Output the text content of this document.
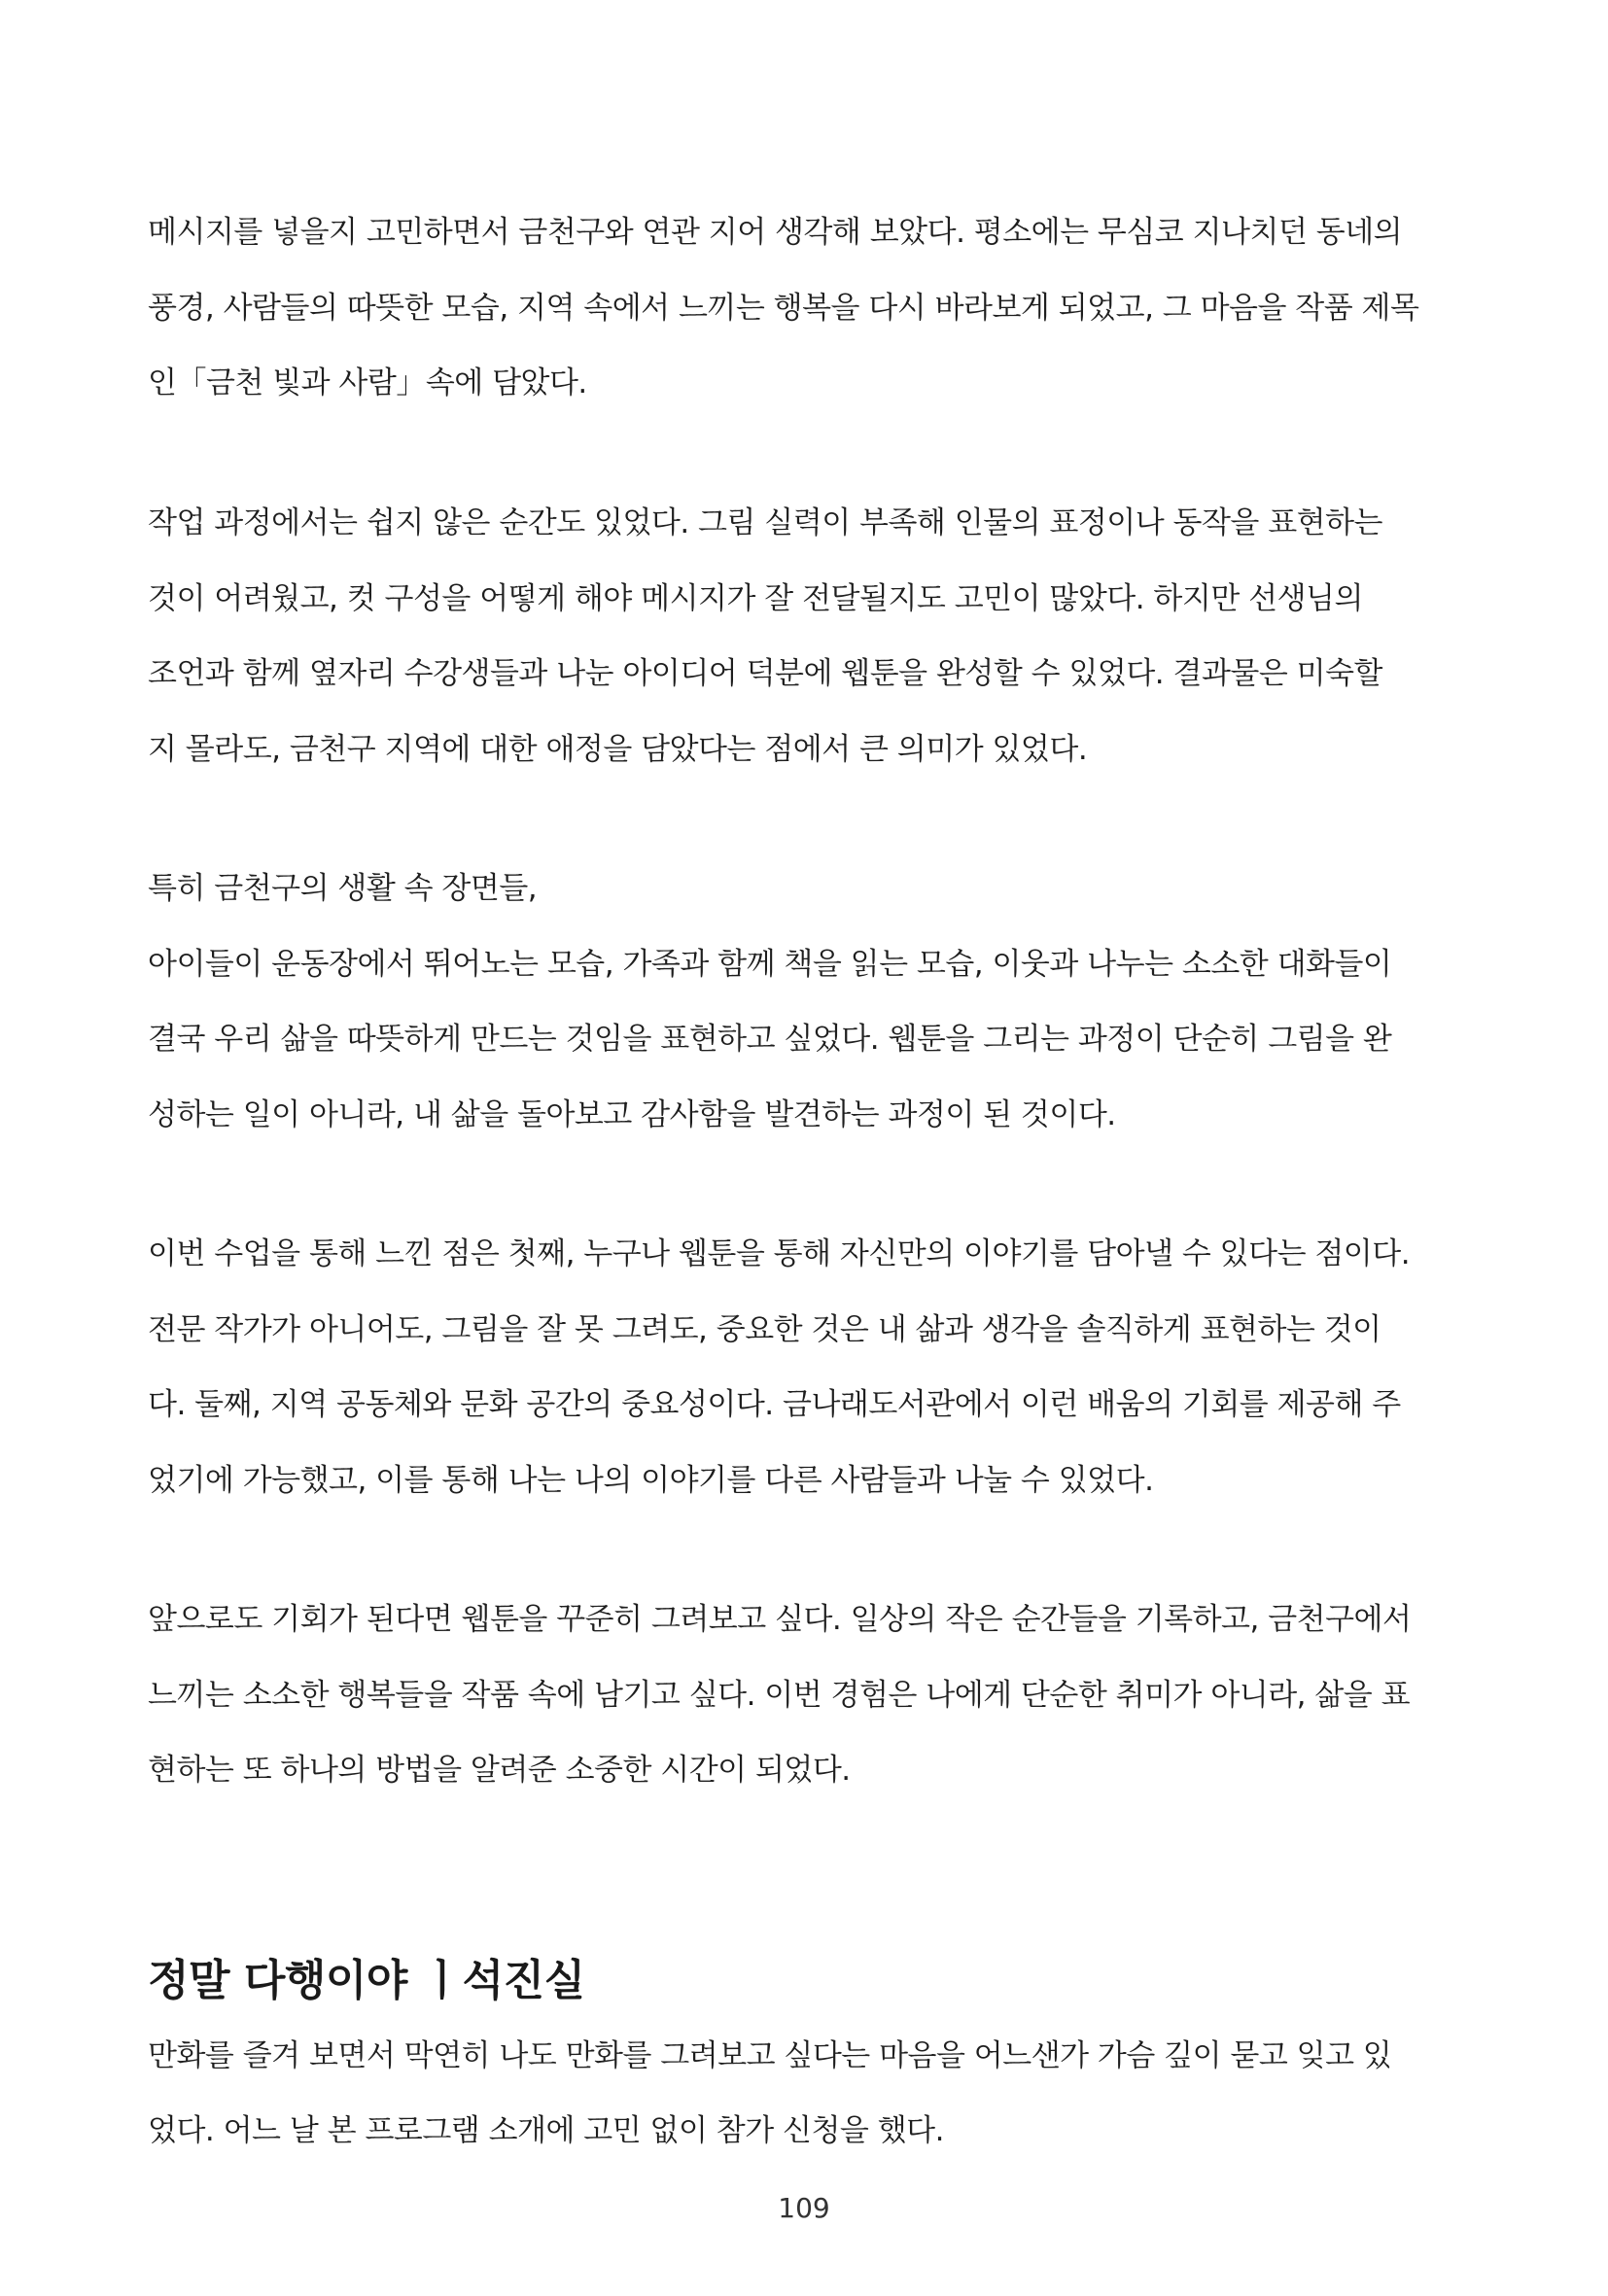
메시지를 넣을지 고민하면서 금천구와 연관 지어 생각해 보았다. 평소에는 무심코 지나치던 동네의
풍경, 사람들의 따뜻한 모습, 지역 속에서 느끼는 행복을 다시 바라보게 되었고, 그 마음을 작품 제목
인「금천 빛과 사람」속에 담았다.
작업 과정에서는 쉽지 않은 순간도 있었다. 그림 실력이 부족해 인물의 표정이나 동작을 표현하는
것이 어려웠고, 컷 구성을 어떻게 해야 메시지가 잘 전달될지도 고민이 많았다. 하지만 선생님의
조언과 함께 옆자리 수강생들과 나눈 아이디어 덕분에 웹툰을 완성할 수 있었다. 결과물은 미숙할
지 몰라도, 금천구 지역에 대한 애정을 담았다는 점에서 큰 의미가 있었다.
특히 금천구의 생활 속 장면들,
아이들이 운동장에서 뛰어노는 모습, 가족과 함께 책을 읽는 모습, 이웃과 나누는 소소한 대화들이
결국 우리 삶을 따뜻하게 만드는 것임을 표현하고 싶었다. 웹툰을 그리는 과정이 단순히 그림을 완
성하는 일이 아니라, 내 삶을 돌아보고 감사함을 발견하는 과정이 된 것이다.
이번 수업을 통해 느낀 점은 첫째, 누구나 웹툰을 통해 자신만의 이야기를 담아낼 수 있다는 점이다.
전문 작가가 아니어도, 그림을 잘 못 그려도, 중요한 것은 내 삶과 생각을 솔직하게 표현하는 것이
다. 둘째, 지역 공동체와 문화 공간의 중요성이다. 금나래도서관에서 이런 배움의 기회를 제공해 주
었기에 가능했고, 이를 통해 나는 나의 이야기를 다른 사람들과 나눌 수 있었다.
앞으로도 기회가 된다면 웹툰을 꾸준히 그려보고 싶다. 일상의 작은 순간들을 기록하고, 금천구에서
느끼는 소소한 행복들을 작품 속에 남기고 싶다. 이번 경험은 나에게 단순한 취미가 아니라, 삶을 표
현하는 또 하나의 방법을 알려준 소중한 시간이 되었다.
정말 다행이야 ㅣ석진실
만화를 즐겨 보면서 막연히 나도 만화를 그려보고 싶다는 마음을 어느샌가 가슴 깊이 묻고 잊고 있
었다. 어느 날 본 프로그램 소개에 고민 없이 참가 신청을 했다.
109
